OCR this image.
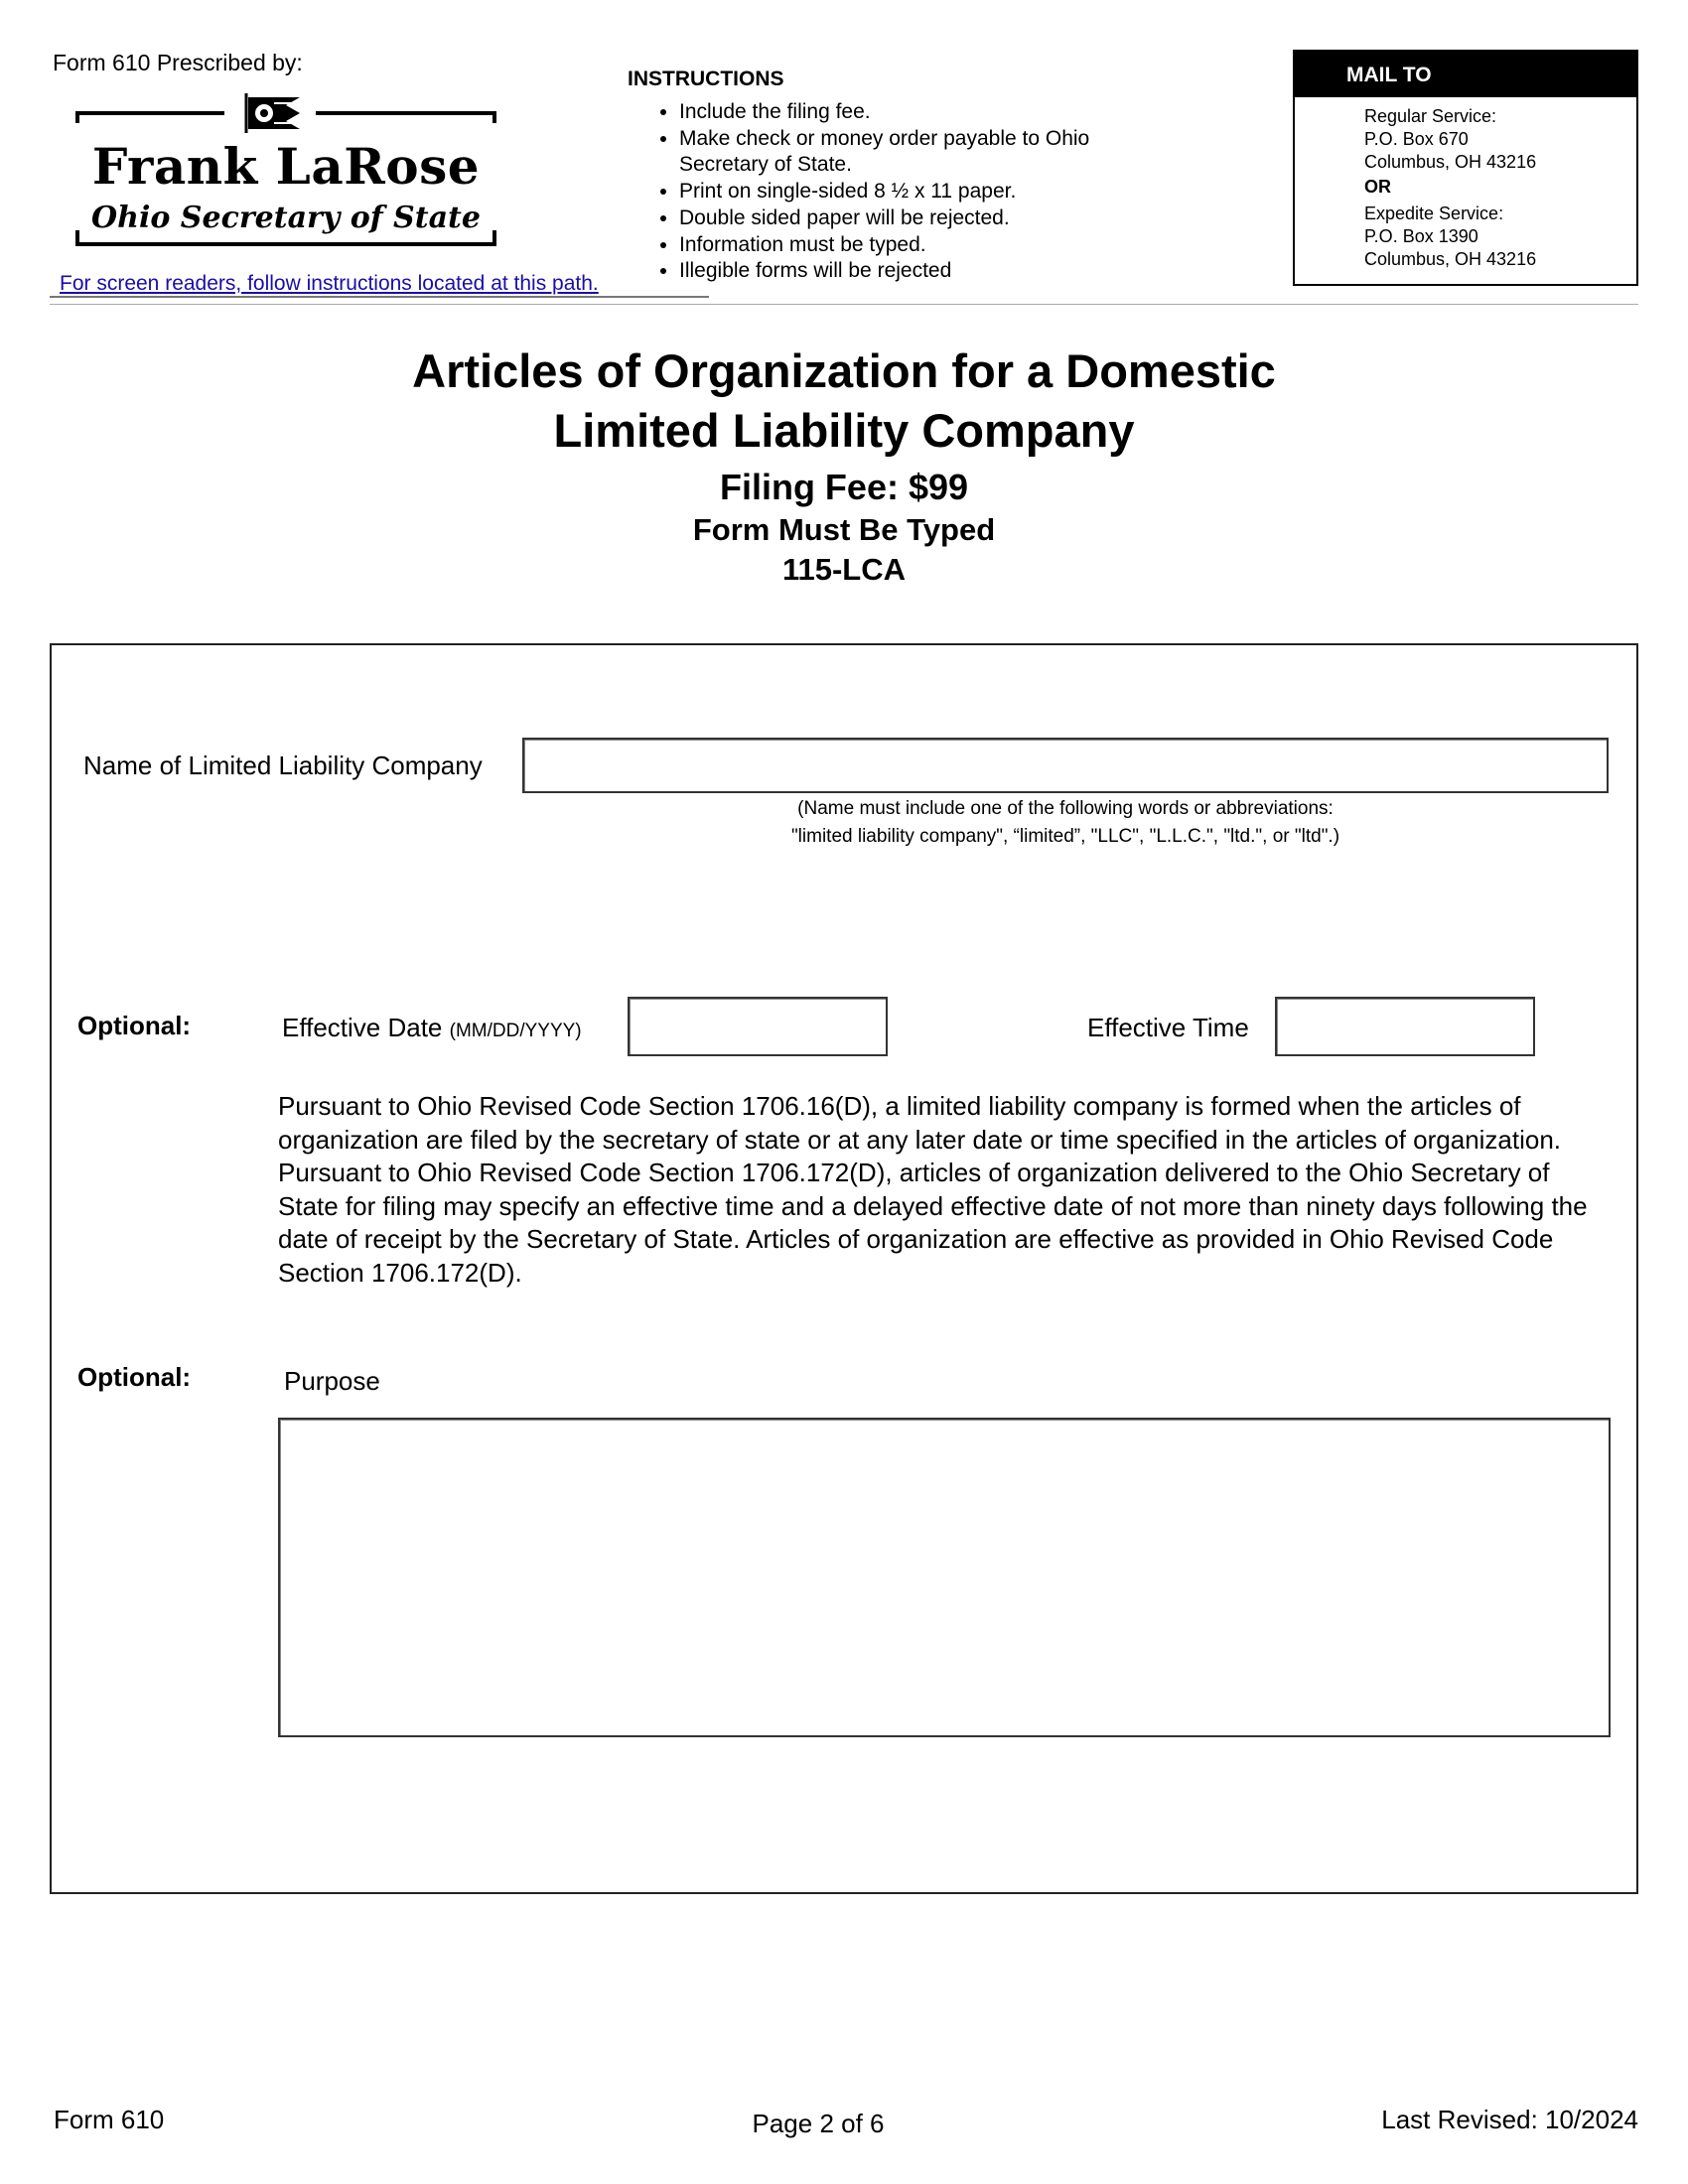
Form 610 Prescribed by:
Frank LaRose
Ohio Secretary of State
For screen readers, follow instructions located at this path.
INSTRUCTIONS
• Include the filing fee.
• Make check or money order payable to Ohio Secretary of State.
• Print on single-sided 8 ½ x 11 paper.
• Double sided paper will be rejected.
• Information must be typed.
• Illegible forms will be rejected
MAIL TO
Regular Service:
P.O. Box 670
Columbus, OH 43216
OR
Expedite Service:
P.O. Box 1390
Columbus, OH 43216
Articles of Organization for a Domestic
Limited Liability Company
Filing Fee: $99
Form Must Be Typed
115-LCA
Name of Limited Liability Company
(Name must include one of the following words or abbreviations:
"limited liability company", “limited”, "LLC", "L.L.C.", "ltd.", or "ltd".)
Optional:	Effective Date (MM/DD/YYYY)	Effective Time
Pursuant to Ohio Revised Code Section 1706.16(D), a limited liability company is formed when the articles of organization are filed by the secretary of state or at any later date or time specified in the articles of organization. Pursuant to Ohio Revised Code Section 1706.172(D), articles of organization delivered to the Ohio Secretary of State for filing may specify an effective time and a delayed effective date of not more than ninety days following the date of receipt by the Secretary of State. Articles of organization are effective as provided in Ohio Revised Code Section 1706.172(D).
Optional:	Purpose
Form 610	Page 2 of 6	Last Revised: 10/2024
